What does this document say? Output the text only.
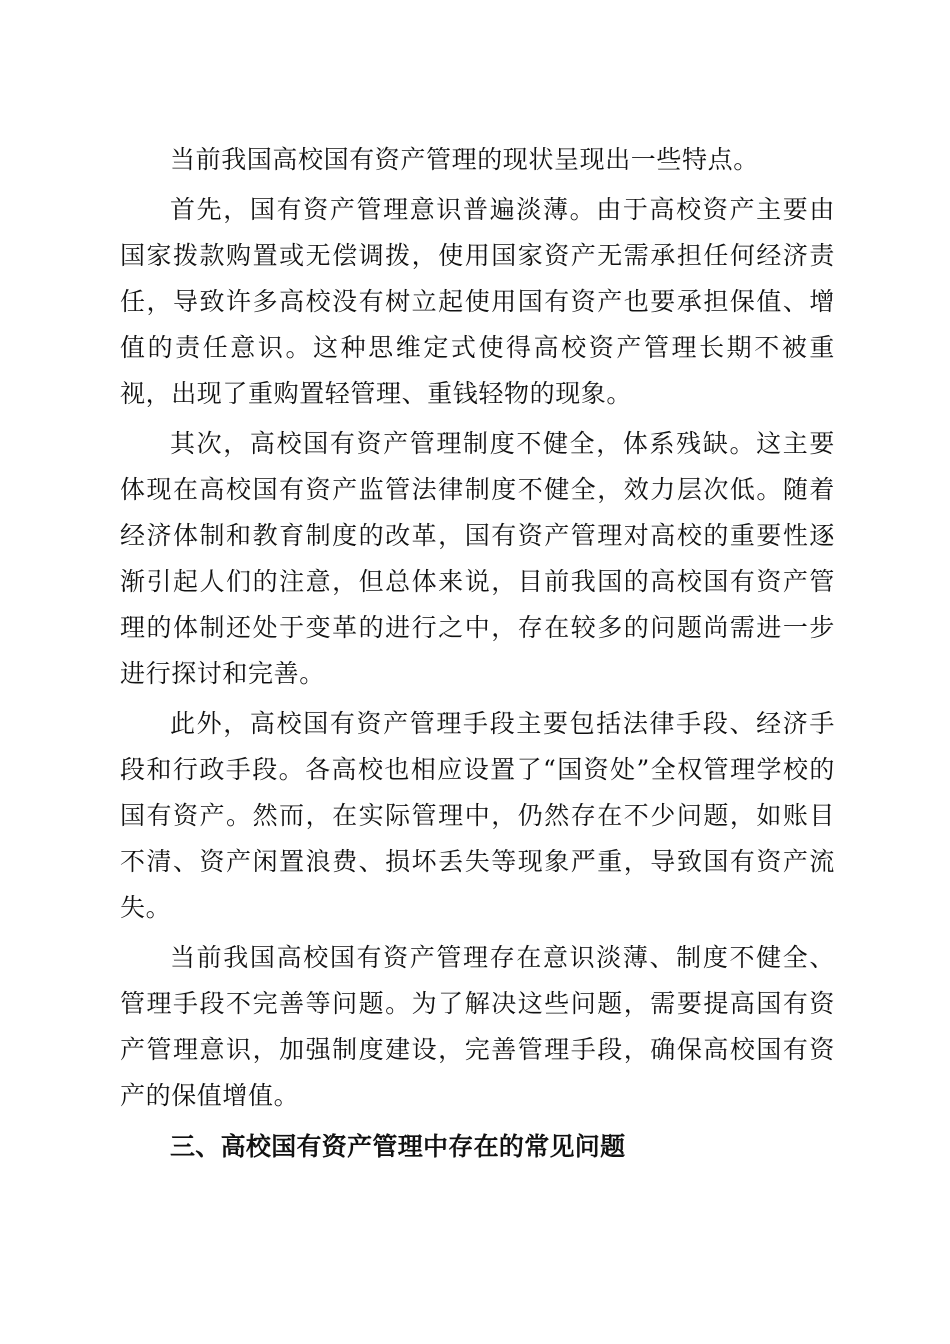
当前我国高校国有资产管理的现状呈现出一些特点。

首先，国有资产管理意识普遍淡薄。由于高校资产主要由国家拨款购置或无偿调拨，使用国家资产无需承担任何经济责任，导致许多高校没有树立起使用国有资产也要承担保值、增值的责任意识。这种思维定式使得高校资产管理长期不被重视，出现了重购置轻管理、重钱轻物的现象。

其次，高校国有资产管理制度不健全，体系残缺。这主要体现在高校国有资产监管法律制度不健全，效力层次低。随着经济体制和教育制度的改革，国有资产管理对高校的重要性逐渐引起人们的注意，但总体来说，目前我国的高校国有资产管理的体制还处于变革的进行之中，存在较多的问题尚需进一步进行探讨和完善。

此外，高校国有资产管理手段主要包括法律手段、经济手段和行政手段。各高校也相应设置了“国资处”全权管理学校的国有资产。然而，在实际管理中，仍然存在不少问题，如账目不清、资产闲置浪费、损坏丢失等现象严重，导致国有资产流失。

当前我国高校国有资产管理存在意识淡薄、制度不健全、管理手段不完善等问题。为了解决这些问题，需要提高国有资产管理意识，加强制度建设，完善管理手段，确保高校国有资产的保值增值。

三、高校国有资产管理中存在的常见问题
